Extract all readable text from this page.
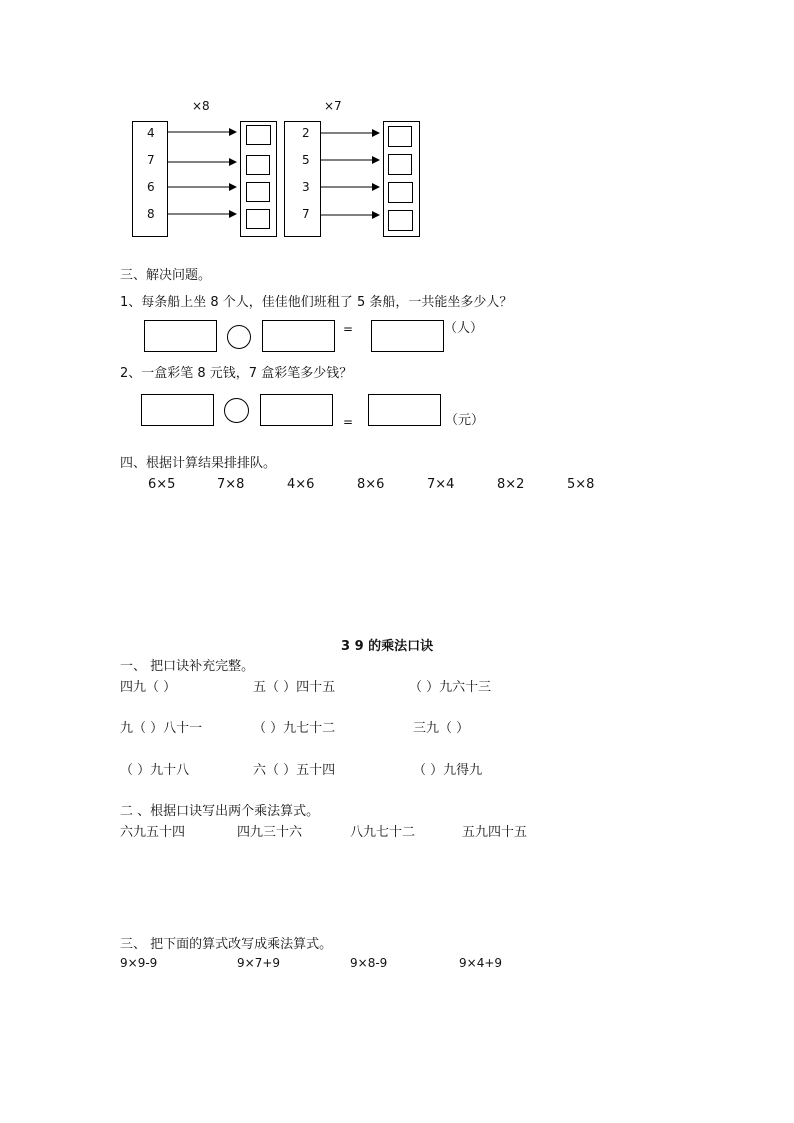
×8	×7
4
7
6
8
2
5
3
7
三、解决问题。
1、每条船上坐 8 个人，佳佳他们班租了 5 条船，一共能坐多少人？
=	（人）
2、一盒彩笔 8 元钱，7 盒彩笔多少钱？
=	（元）
四、根据计算结果排排队。
6×5	7×8	4×6	8×6	7×4	8×2	5×8
3 9 的乘法口诀
一、 把口诀补充完整。
四九（ ）	五（ ）四十五	（ ）九六十三
九（ ）八十一	（ ）九七十二	三九（ ）
（ ）九十八	六（ ）五十四	（ ）九得九
二 、根据口诀写出两个乘法算式。
六九五十四	四九三十六	八九七十二	五九四十五
三、 把下面的算式改写成乘法算式。
9×9-9	9×7+9	9×8-9	9×4+9
